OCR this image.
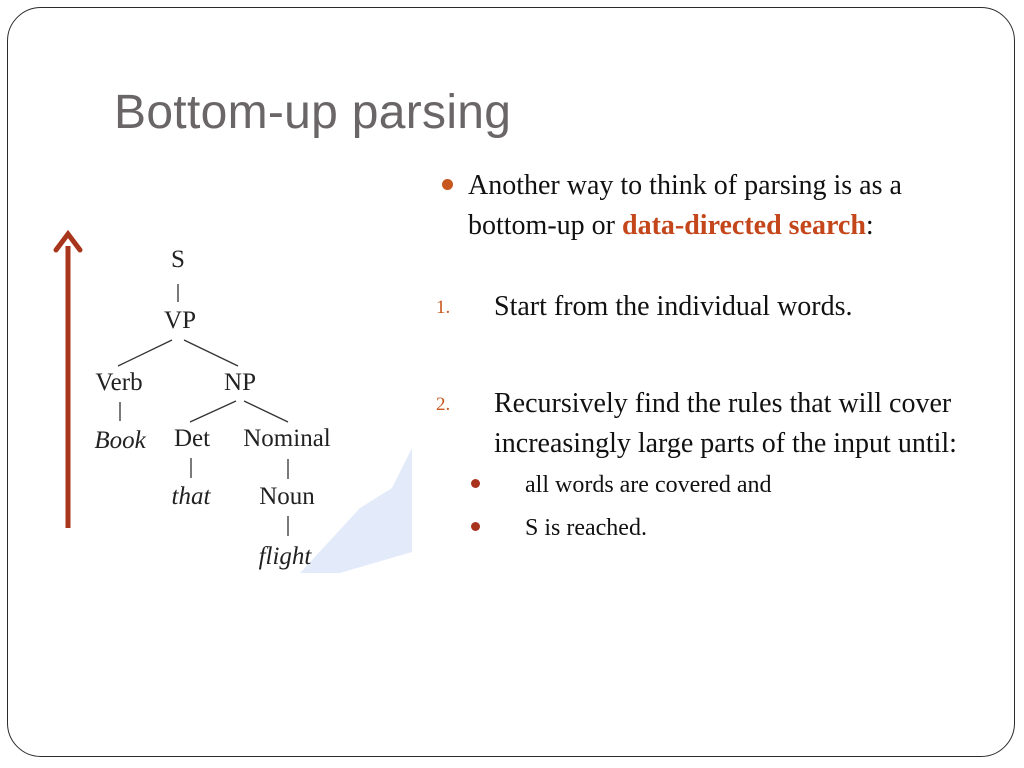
Bottom-up parsing
S
VP
Verb	NP
Book Det Nominal
that Noun
flight
Another way to think of parsing is as a bottom-up or data-directed search:
1. Start from the individual words.
2. Recursively find the rules that will cover increasingly large parts of the input until:
all words are covered and
S is reached.
